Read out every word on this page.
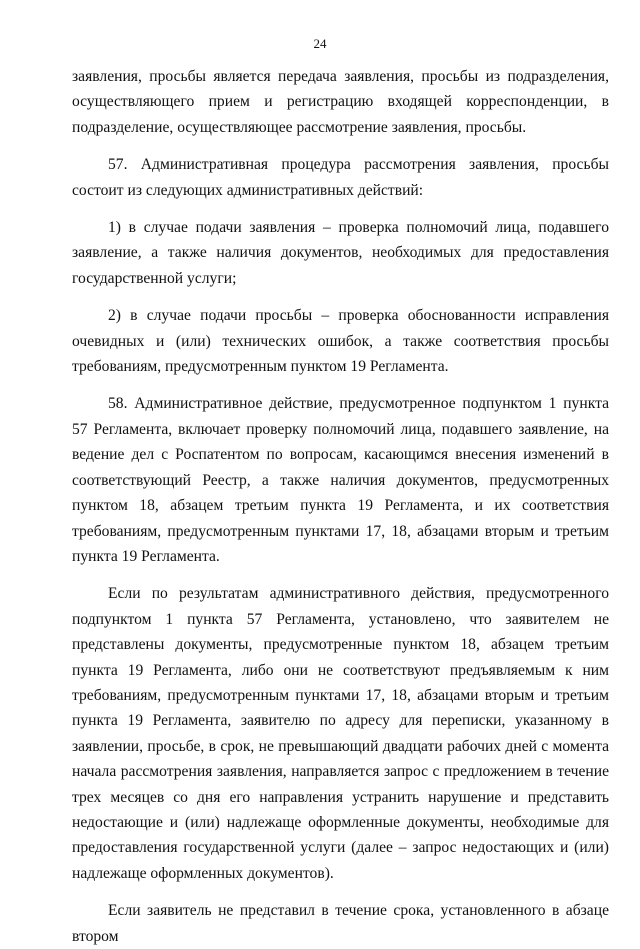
24

заявления, просьбы является передача заявления, просьбы из подразделения, осуществляющего прием и регистрацию входящей корреспонденции, в подразделение, осуществляющее рассмотрение заявления, просьбы.

57. Административная процедура рассмотрения заявления, просьбы состоит из следующих административных действий:

1) в случае подачи заявления – проверка полномочий лица, подавшего заявление, а также наличия документов, необходимых для предоставления государственной услуги;

2) в случае подачи просьбы – проверка обоснованности исправления очевидных и (или) технических ошибок, а также соответствия просьбы требованиям, предусмотренным пунктом 19 Регламента.

58. Административное действие, предусмотренное подпунктом 1 пункта 57 Регламента, включает проверку полномочий лица, подавшего заявление, на ведение дел с Роспатентом по вопросам, касающимся внесения изменений в соответствующий Реестр, а также наличия документов, предусмотренных пунктом 18, абзацем третьим пункта 19 Регламента, и их соответствия требованиям, предусмотренным пунктами 17, 18, абзацами вторым и третьим пункта 19 Регламента.

Если по результатам административного действия, предусмотренного подпунктом 1 пункта 57 Регламента, установлено, что заявителем не представлены документы, предусмотренные пунктом 18, абзацем третьим пункта 19 Регламента, либо они не соответствуют предъявляемым к ним требованиям, предусмотренным пунктами 17, 18, абзацами вторым и третьим пункта 19 Регламента, заявителю по адресу для переписки, указанному в заявлении, просьбе, в срок, не превышающий двадцати рабочих дней с момента начала рассмотрения заявления, направляется запрос с предложением в течение трех месяцев со дня его направления устранить нарушение и представить недостающие и (или) надлежаще оформленные документы, необходимые для предоставления государственной услуги (далее – запрос недостающих и (или) надлежаще оформленных документов).

Если заявитель не представил в течение срока, установленного в абзаце втором
